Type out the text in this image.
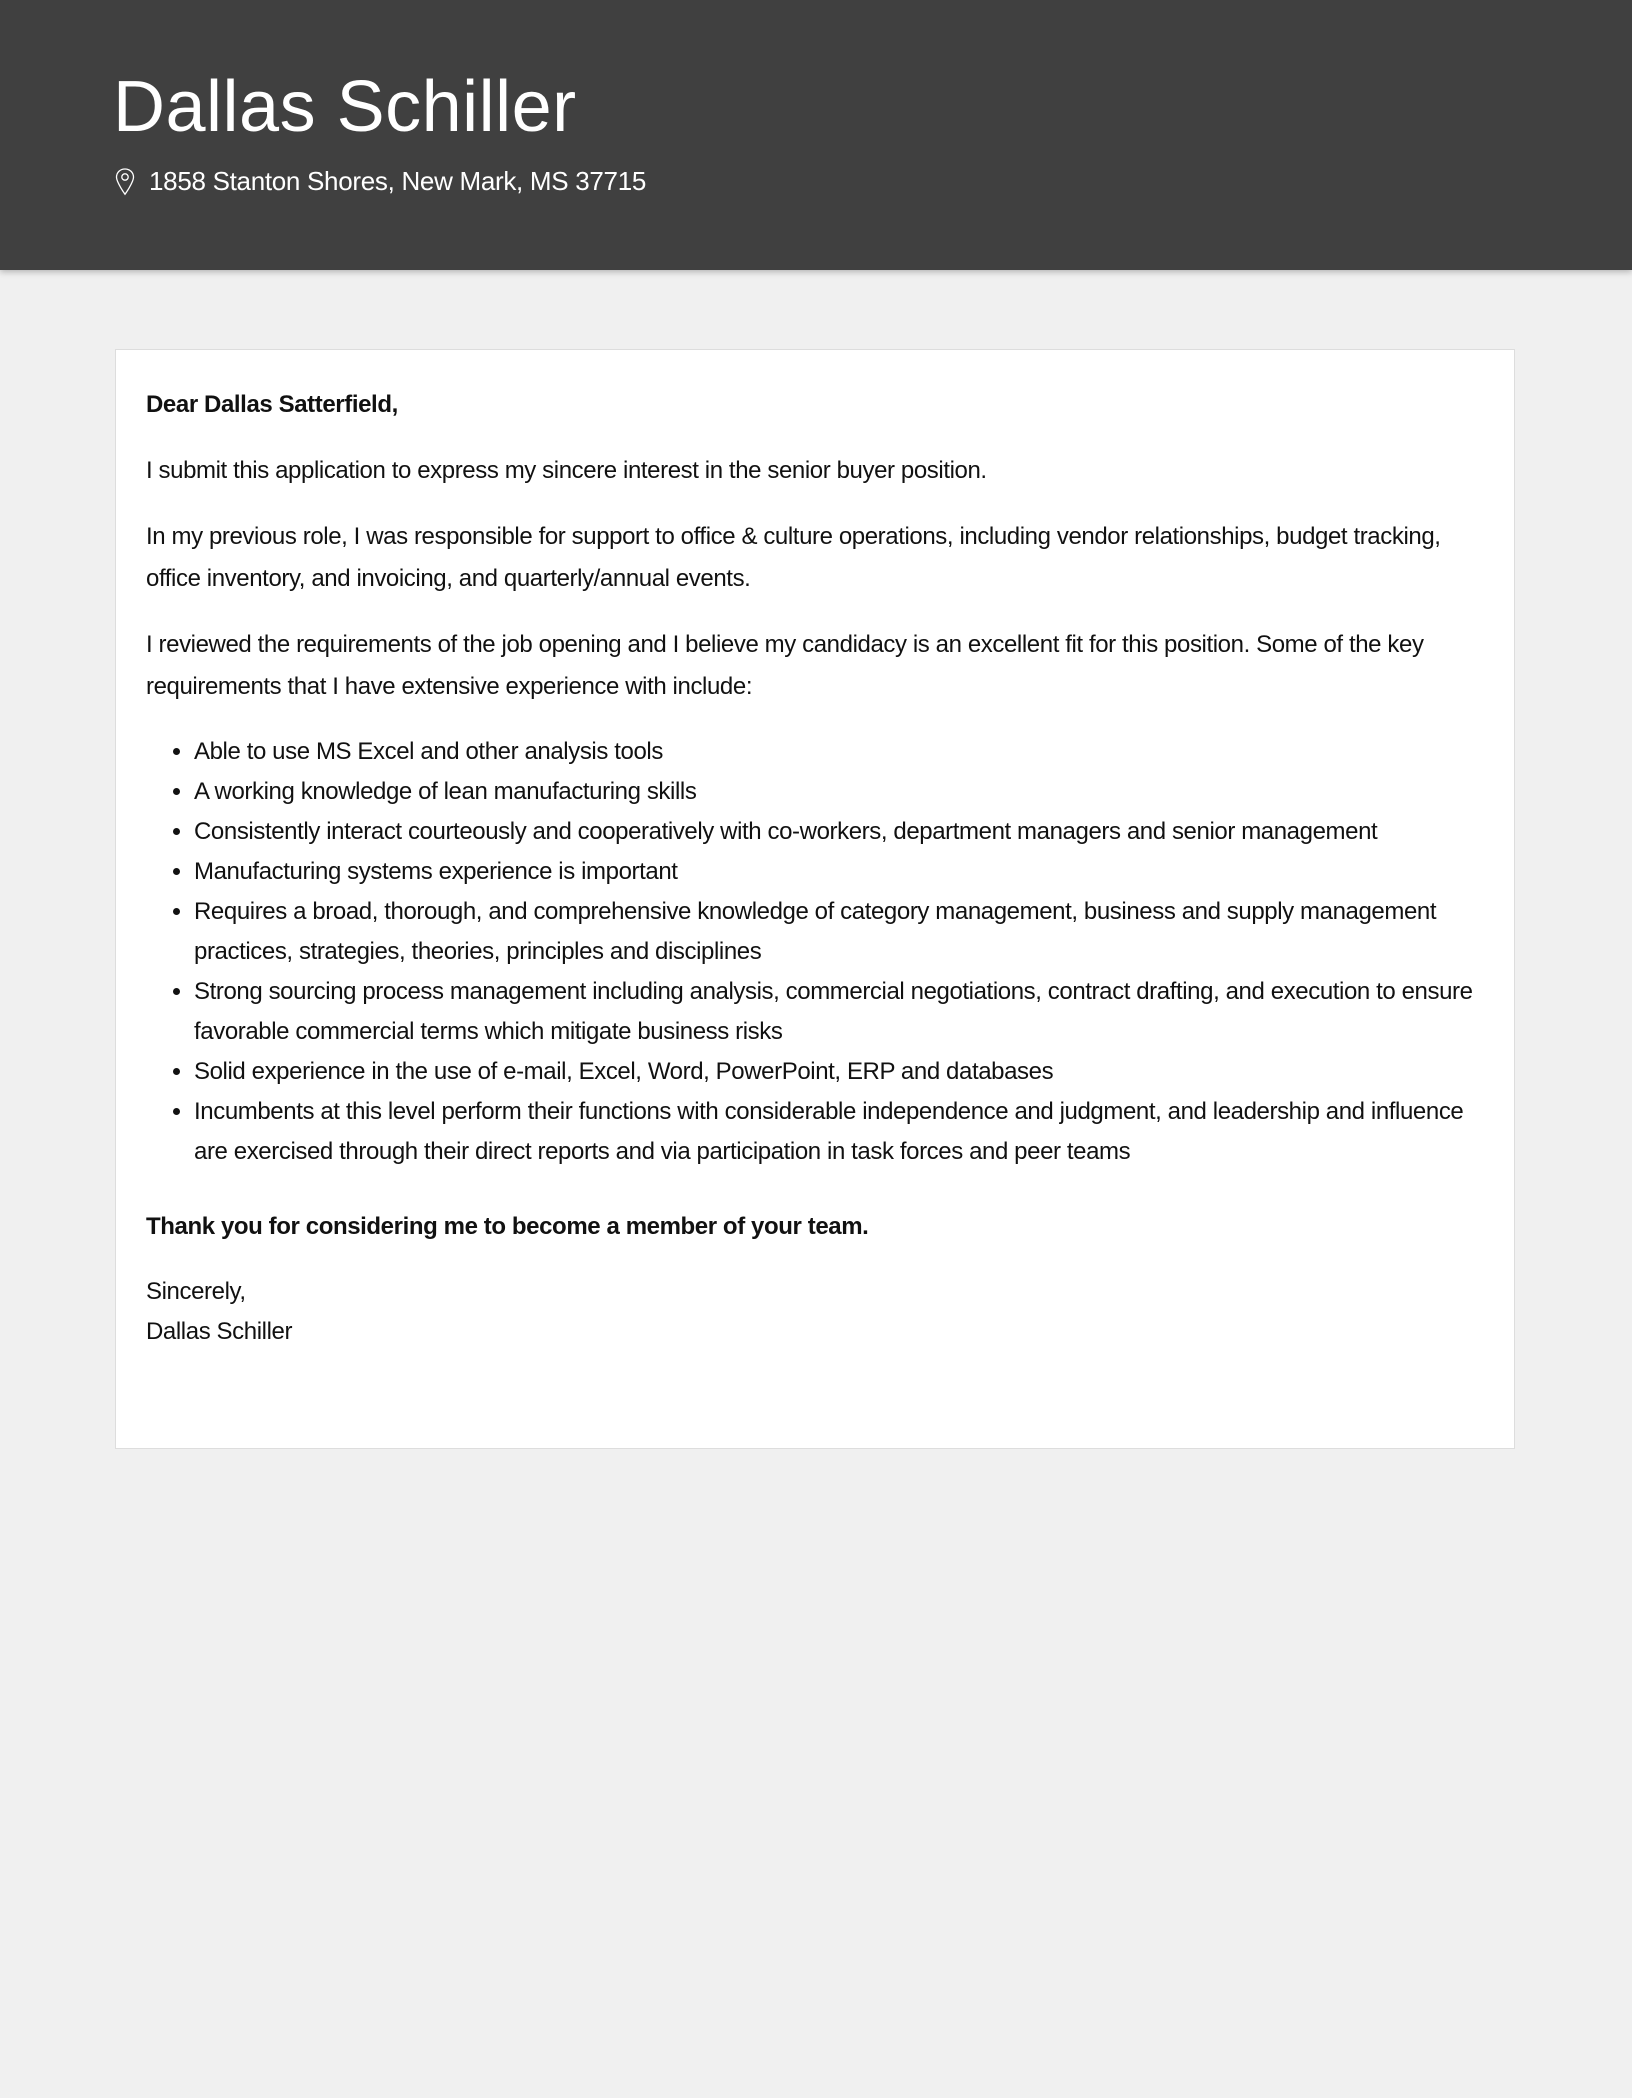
Dallas Schiller
1858 Stanton Shores, New Mark, MS 37715

Dear Dallas Satterfield,

I submit this application to express my sincere interest in the senior buyer position.

In my previous role, I was responsible for support to office & culture operations, including vendor relationships, budget tracking, office inventory, and invoicing, and quarterly/annual events.

I reviewed the requirements of the job opening and I believe my candidacy is an excellent fit for this position. Some of the key requirements that I have extensive experience with include:

• Able to use MS Excel and other analysis tools
• A working knowledge of lean manufacturing skills
• Consistently interact courteously and cooperatively with co-workers, department managers and senior management
• Manufacturing systems experience is important
• Requires a broad, thorough, and comprehensive knowledge of category management, business and supply management practices, strategies, theories, principles and disciplines
• Strong sourcing process management including analysis, commercial negotiations, contract drafting, and execution to ensure favorable commercial terms which mitigate business risks
• Solid experience in the use of e-mail, Excel, Word, PowerPoint, ERP and databases
• Incumbents at this level perform their functions with considerable independence and judgment, and leadership and influence are exercised through their direct reports and via participation in task forces and peer teams

Thank you for considering me to become a member of your team.

Sincerely,
Dallas Schiller
